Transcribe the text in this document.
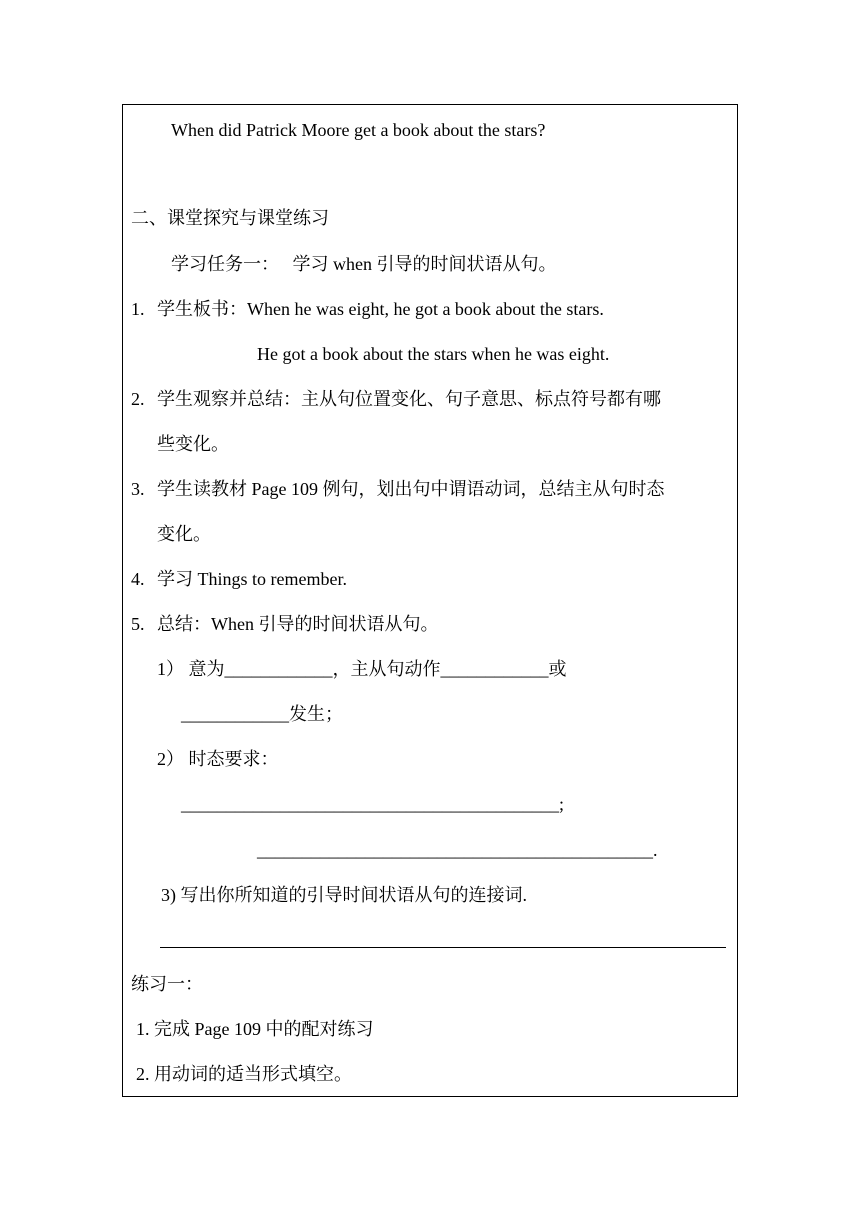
When did Patrick Moore get a book about the stars?
二、课堂探究与课堂练习
学习任务一：   学习 when 引导的时间状语从句。
1. 学生板书：When he was eight, he got a book about the stars.
He got a book about the stars when he was eight.
2. 学生观察并总结：主从句位置变化、句子意思、标点符号都有哪
些变化。
3. 学生读教材 Page 109 例句，划出句中谓语动词，总结主从句时态
变化。
4. 学习 Things to remember.
5. 总结：When 引导的时间状语从句。
1） 意为____________，主从句动作____________或
____________发生；
2） 时态要求：
__________________________________________;
____________________________________________.
3) 写出你所知道的引导时间状语从句的连接词.
练习一：
1. 完成 Page 109 中的配对练习
2. 用动词的适当形式填空。
